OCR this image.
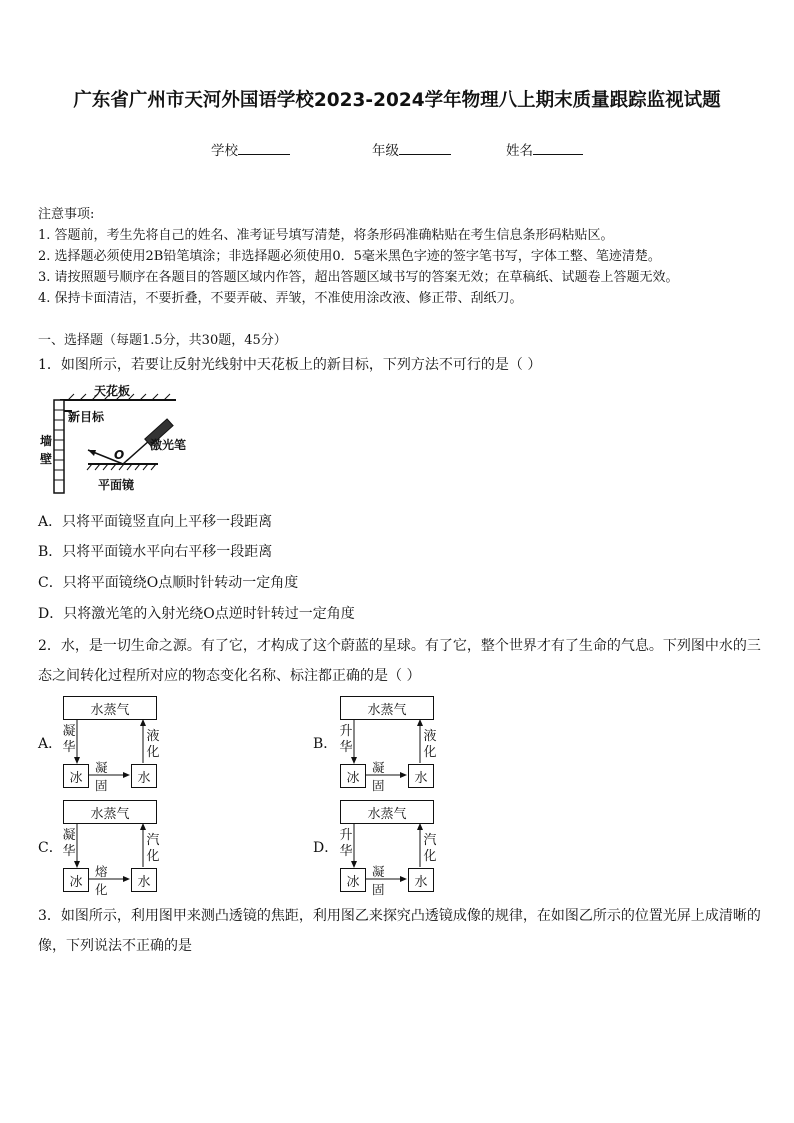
广东省广州市天河外国语学校2023-2024学年物理八上期末质量跟踪监视试题
学校	年级	姓名
注意事项:
1. 答题前，考生先将自己的姓名、准考证号填写清楚，将条形码准确粘贴在考生信息条形码粘贴区。
2. 选择题必须使用2B铅笔填涂；非选择题必须使用0．5毫米黑色字迹的签字笔书写，字体工整、笔迹清楚。
3. 请按照题号顺序在各题目的答题区域内作答，超出答题区域书写的答案无效；在草稿纸、试题卷上答题无效。
4. 保持卡面清洁，不要折叠，不要弄破、弄皱，不准使用涂改液、修正带、刮纸刀。
一、选择题（每题1.5分，共30题，45分）
1．如图所示，若要让反射光线射中天花板上的新目标，下列方法不可行的是（ ）
天花板
新目标
墙
壁
激光笔
O
平面镜
A．只将平面镜竖直向上平移一段距离
B．只将平面镜水平向右平移一段距离
C．只将平面镜绕O点顺时针转动一定角度
D．只将激光笔的入射光绕O点逆时针转过一定角度
2．水，是一切生命之源。有了它，才构成了这个蔚蓝的星球。有了它，整个世界才有了生命的气息。下列图中水的三
态之间转化过程所对应的物态变化名称、标注都正确的是（ ）
A．
水蒸气
冰	水
凝华
液化
凝固
B．
水蒸气
冰	水
升华
液化
凝固
C．
水蒸气
冰	水
凝华
汽化
熔化
D．
水蒸气
冰	水
升华
汽化
凝固
3．如图所示，利用图甲来测凸透镜的焦距，利用图乙来探究凸透镜成像的规律，在如图乙所示的位置光屏上成清晰的
像，下列说法不正确的是
